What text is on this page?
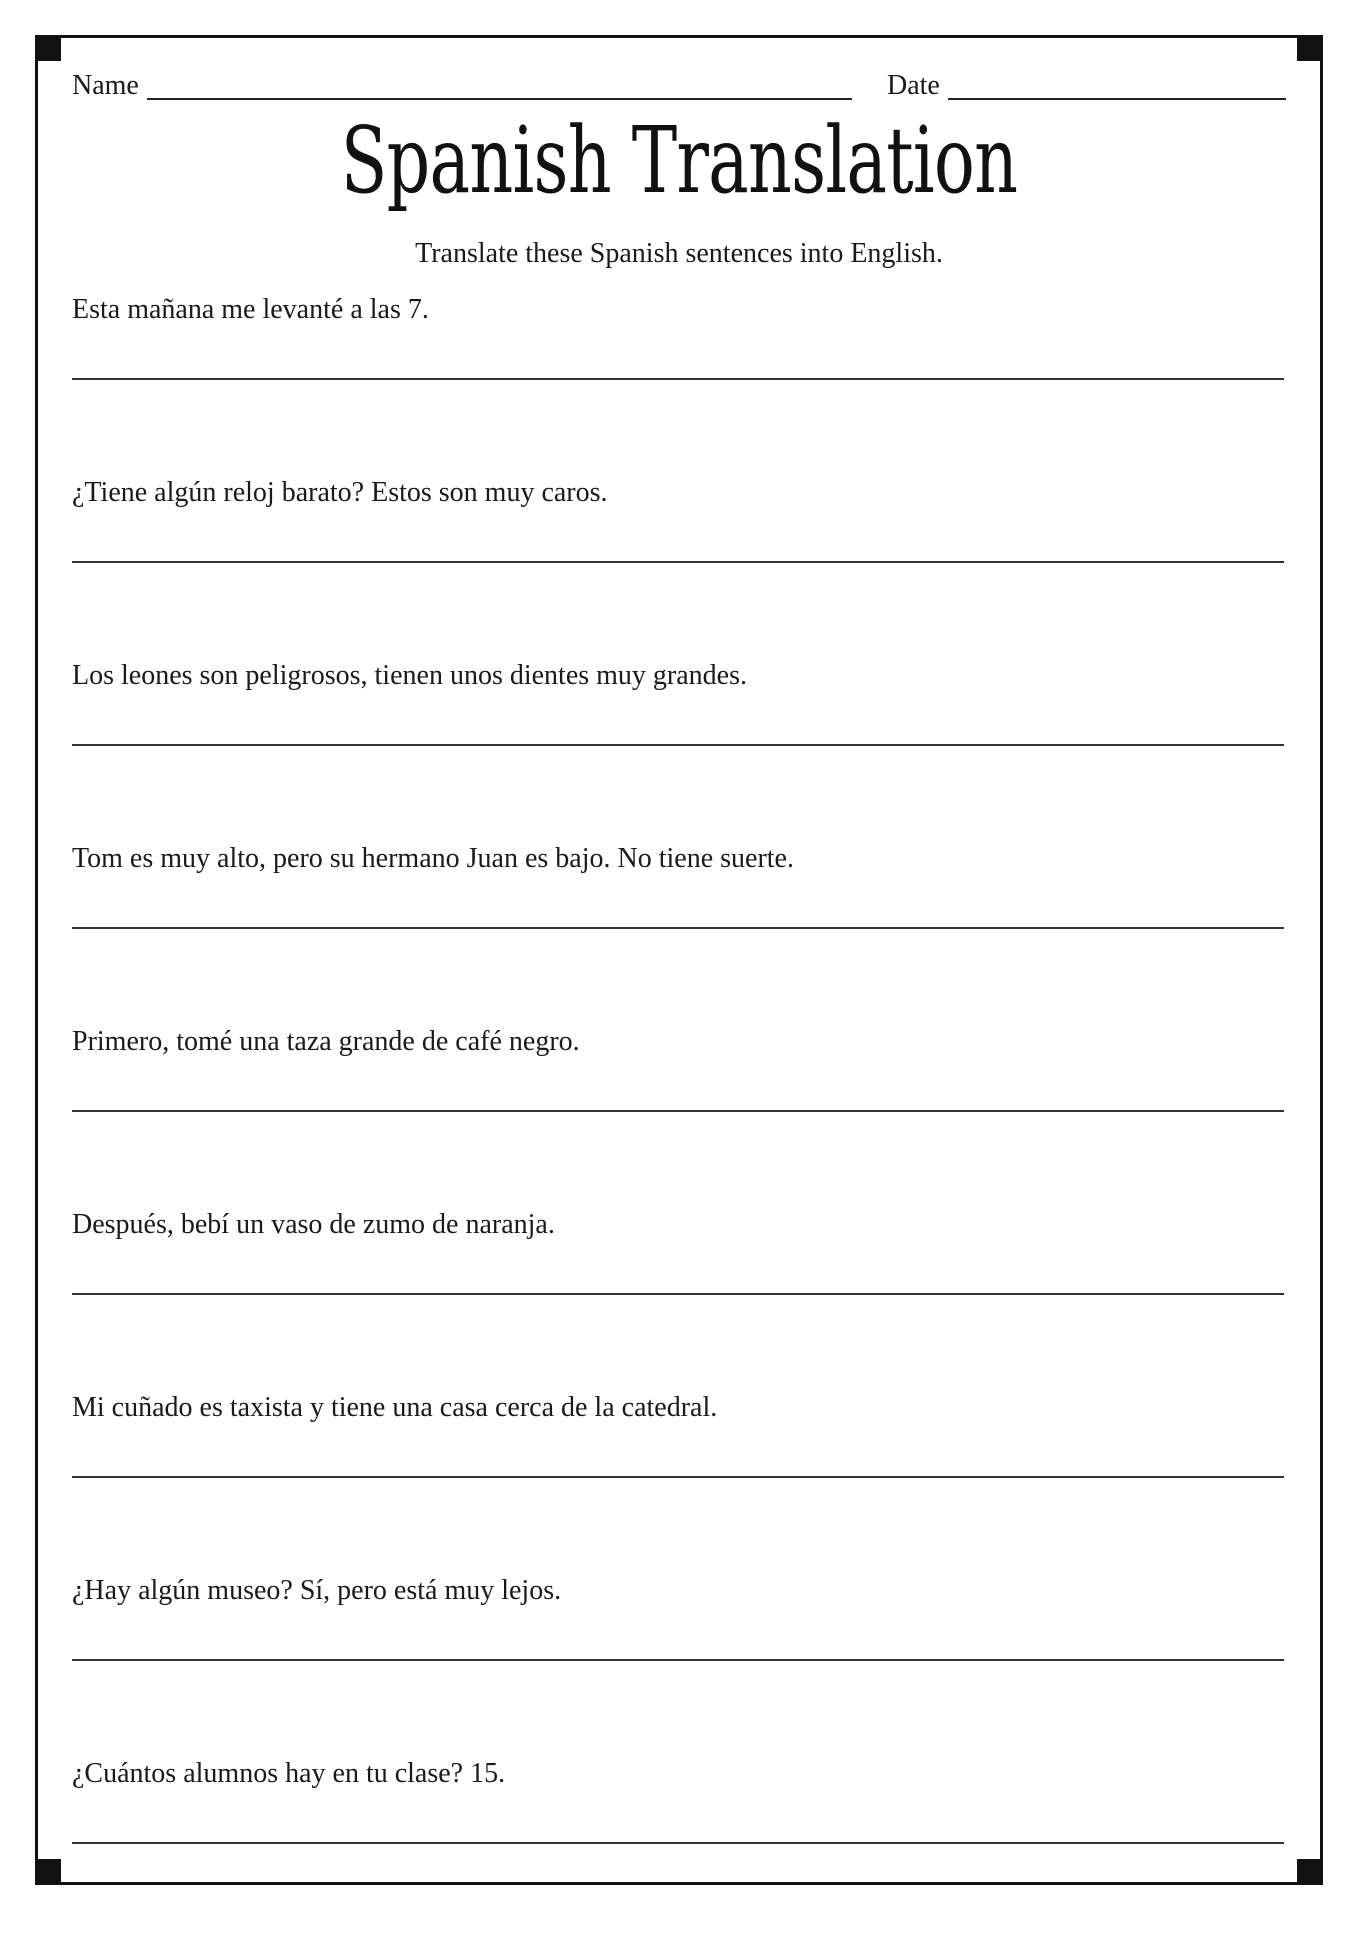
Name	Date
Spanish Translation
Translate these Spanish sentences into English.
Esta mañana me levanté a las 7.
¿Tiene algún reloj barato? Estos son muy caros.
Los leones son peligrosos, tienen unos dientes muy grandes.
Tom es muy alto, pero su hermano Juan es bajo. No tiene suerte.
Primero, tomé una taza grande de café negro.
Después, bebí un vaso de zumo de naranja.
Mi cuñado es taxista y tiene una casa cerca de la catedral.
¿Hay algún museo? Sí, pero está muy lejos.
¿Cuántos alumnos hay en tu clase? 15.
